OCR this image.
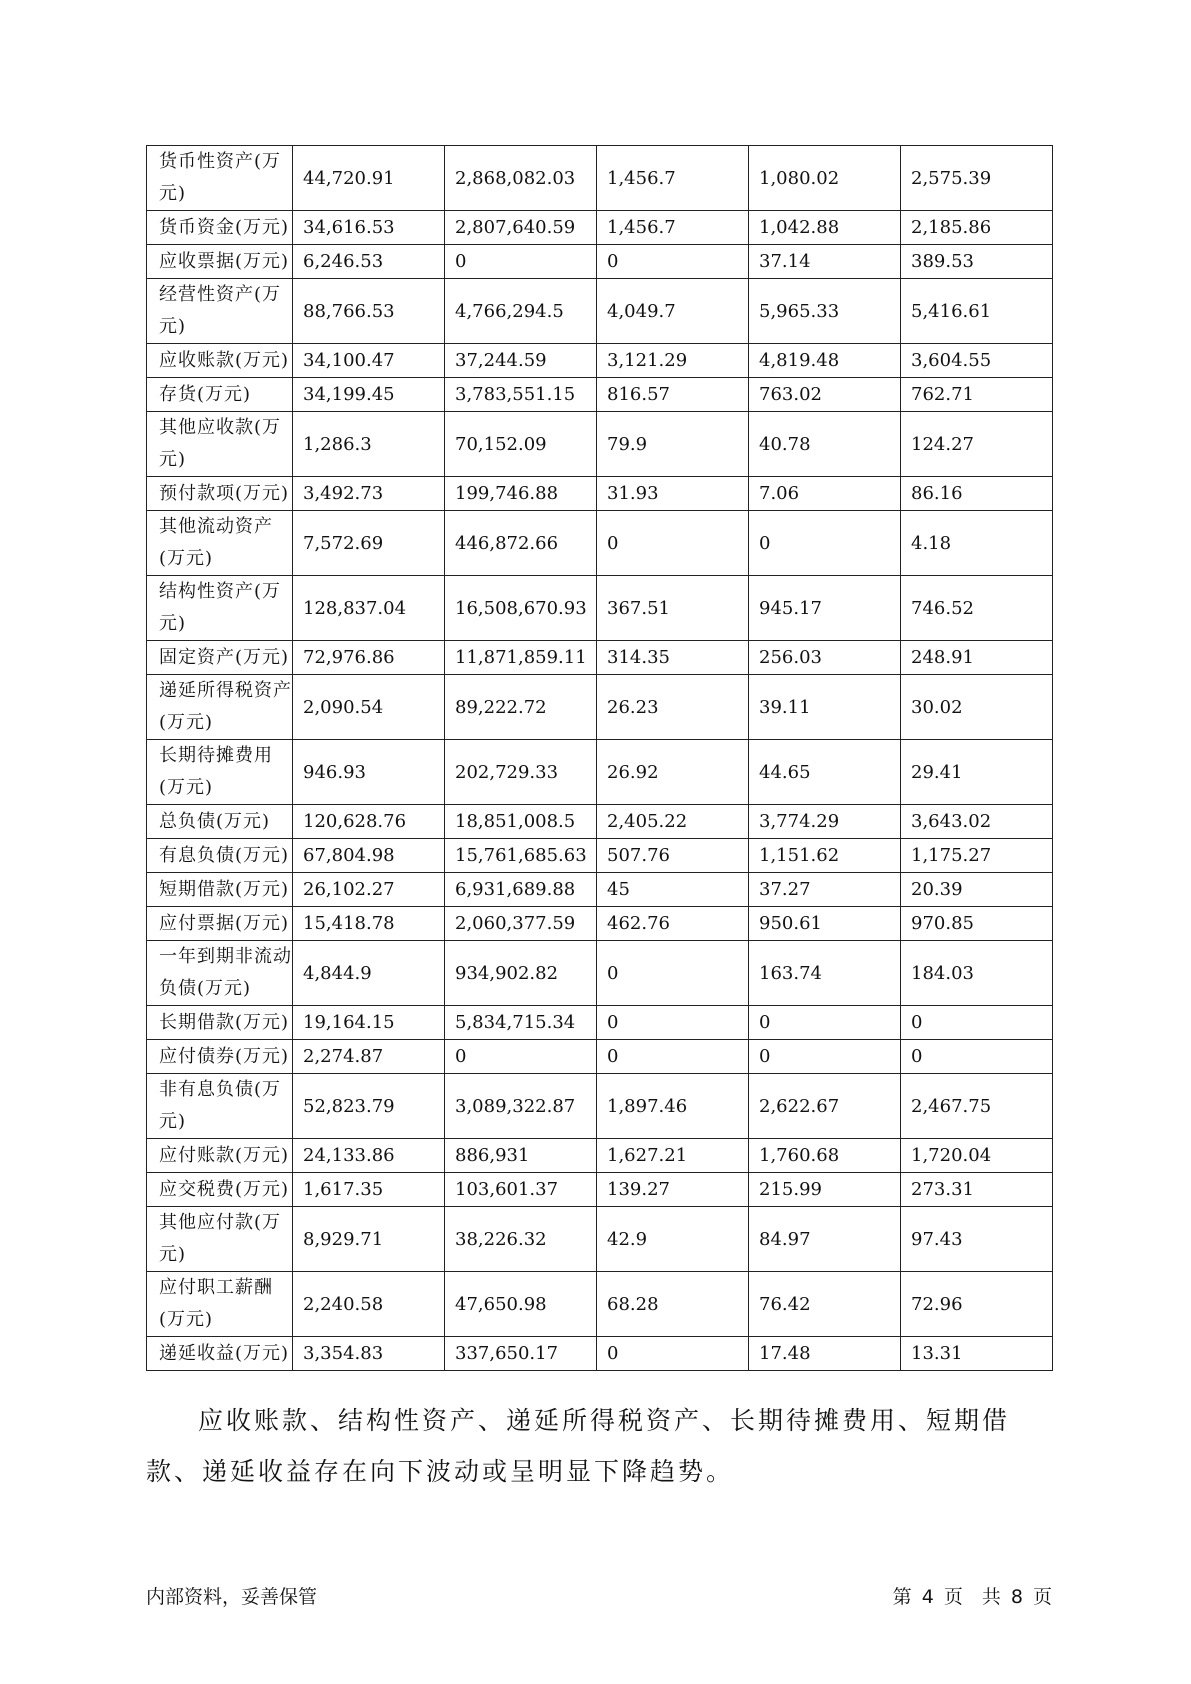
货币性资产(万元)	44,720.91	2,868,082.03	1,456.7	1,080.02	2,575.39
货币资金(万元)	34,616.53	2,807,640.59	1,456.7	1,042.88	2,185.86
应收票据(万元)	6,246.53	0	0	37.14	389.53
经营性资产(万元)	88,766.53	4,766,294.5	4,049.7	5,965.33	5,416.61
应收账款(万元)	34,100.47	37,244.59	3,121.29	4,819.48	3,604.55
存货(万元)	34,199.45	3,783,551.15	816.57	763.02	762.71
其他应收款(万元)	1,286.3	70,152.09	79.9	40.78	124.27
预付款项(万元)	3,492.73	199,746.88	31.93	7.06	86.16
其他流动资产(万元)	7,572.69	446,872.66	0	0	4.18
结构性资产(万元)	128,837.04	16,508,670.93	367.51	945.17	746.52
固定资产(万元)	72,976.86	11,871,859.11	314.35	256.03	248.91
递延所得税资产(万元)	2,090.54	89,222.72	26.23	39.11	30.02
长期待摊费用(万元)	946.93	202,729.33	26.92	44.65	29.41
总负债(万元)	120,628.76	18,851,008.5	2,405.22	3,774.29	3,643.02
有息负债(万元)	67,804.98	15,761,685.63	507.76	1,151.62	1,175.27
短期借款(万元)	26,102.27	6,931,689.88	45	37.27	20.39
应付票据(万元)	15,418.78	2,060,377.59	462.76	950.61	970.85
一年到期非流动负债(万元)	4,844.9	934,902.82	0	163.74	184.03
长期借款(万元)	19,164.15	5,834,715.34	0	0	0
应付债券(万元)	2,274.87	0	0	0	0
非有息负债(万元)	52,823.79	3,089,322.87	1,897.46	2,622.67	2,467.75
应付账款(万元)	24,133.86	886,931	1,627.21	1,760.68	1,720.04
应交税费(万元)	1,617.35	103,601.37	139.27	215.99	273.31
其他应付款(万元)	8,929.71	38,226.32	42.9	84.97	97.43
应付职工薪酬(万元)	2,240.58	47,650.98	68.28	76.42	72.96
递延收益(万元)	3,354.83	337,650.17	0	17.48	13.31

应收账款、结构性资产、递延所得税资产、长期待摊费用、短期借款、递延收益存在向下波动或呈明显下降趋势。

内部资料，妥善保管	第 4 页　共 8 页
